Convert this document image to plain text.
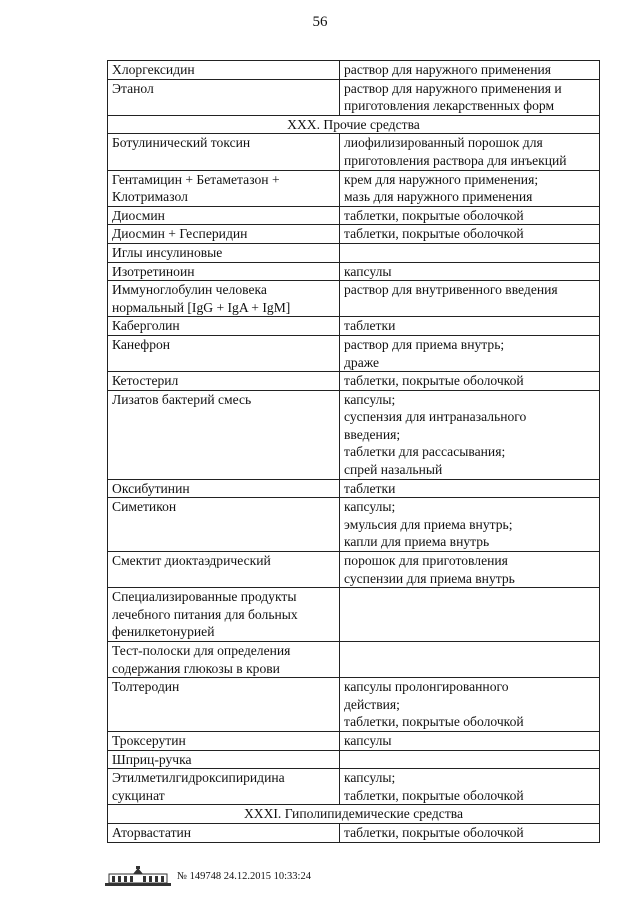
56
Хлоргексидин	раствор для наружного применения

Этанол	раствор для наружного применения и
приготовления лекарственных форм

XXX. Прочие средства	

Ботулинический токсин	лиофилизированный порошок для
приготовления раствора для инъекций

Гентамицин + Бетаметазон +
Клотримазол	крем для наружного применения;
мазь для наружного применения

Диосмин	таблетки, покрытые оболочкой

Диосмин + Гесперидин	таблетки, покрытые оболочкой

Иглы инсулиновые	

Изотретиноин	капсулы

Иммуноглобулин человека
нормальный [IgG + IgA + IgM]	раствор для внутривенного введения

Каберголин	таблетки

Канефрон	раствор для приема внутрь;
драже

Кетостерил	таблетки, покрытые оболочкой

Лизатов бактерий смесь	капсулы;
суспензия для интраназального
введения;
таблетки для рассасывания;
спрей назальный

Оксибутинин	таблетки

Симетикон	капсулы;
эмульсия для приема внутрь;
капли для приема внутрь

Смектит диоктаэдрический	порошок для приготовления
суспензии для приема внутрь

Специализированные продукты
лечебного питания для больных
фенилкетонурией	

Тест-полоски для определения
содержания глюкозы в крови	

Толтеродин	капсулы пролонгированного
действия;
таблетки, покрытые оболочкой

Троксерутин	капсулы

Шприц-ручка	

Этилметилгидроксипиридина
сукцинат	капсулы;
таблетки, покрытые оболочкой

XXXI. Гиполипидемические средства	

Аторвастатин	таблетки, покрытые оболочкой
№ 149748 24.12.2015 10:33:24
